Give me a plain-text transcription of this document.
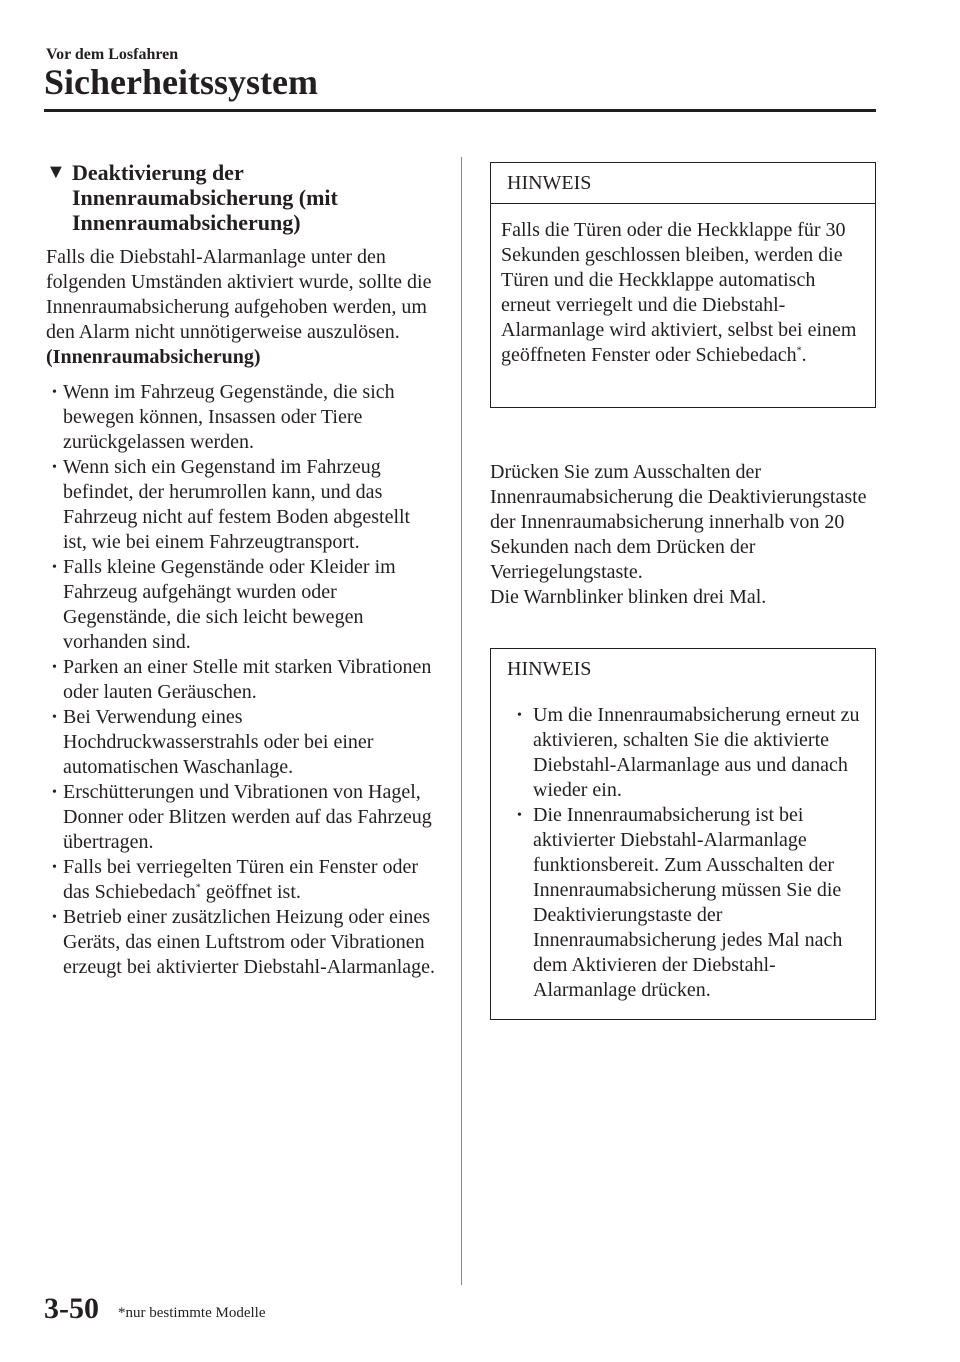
Vor dem Losfahren
Sicherheitssystem
▼ Deaktivierung der Innenraumabsicherung (mit Innenraumabsicherung)

Falls die Diebstahl-Alarmanlage unter den folgenden Umständen aktiviert wurde, sollte die Innenraumabsicherung aufgehoben werden, um den Alarm nicht unnötigerweise auszulösen.

(Innenraumabsicherung)
• Wenn im Fahrzeug Gegenstände, die sich bewegen können, Insassen oder Tiere zurückgelassen werden.
• Wenn sich ein Gegenstand im Fahrzeug befindet, der herumrollen kann, und das Fahrzeug nicht auf festem Boden abgestellt ist, wie bei einem Fahrzeugtransport.
• Falls kleine Gegenstände oder Kleider im Fahrzeug aufgehängt wurden oder Gegenstände, die sich leicht bewegen vorhanden sind.
• Parken an einer Stelle mit starken Vibrationen oder lauten Geräuschen.
• Bei Verwendung eines Hochdruckwasserstrahls oder bei einer automatischen Waschanlage.
• Erschütterungen und Vibrationen von Hagel, Donner oder Blitzen werden auf das Fahrzeug übertragen.
• Falls bei verriegelten Türen ein Fenster oder das Schiebedach* geöffnet ist.
• Betrieb einer zusätzlichen Heizung oder eines Geräts, das einen Luftstrom oder Vibrationen erzeugt bei aktivierter Diebstahl-Alarmanlage.
HINWEIS
Falls die Türen oder die Heckklappe für 30 Sekunden geschlossen bleiben, werden die Türen und die Heckklappe automatisch erneut verriegelt und die Diebstahl-Alarmanlage wird aktiviert, selbst bei einem geöffneten Fenster oder Schiebedach*.
Drücken Sie zum Ausschalten der Innenraumabsicherung die Deaktivierungstaste der Innenraumabsicherung innerhalb von 20 Sekunden nach dem Drücken der Verriegelungstaste.
Die Warnblinker blinken drei Mal.
HINWEIS
• Um die Innenraumabsicherung erneut zu aktivieren, schalten Sie die aktivierte Diebstahl-Alarmanlage aus und danach wieder ein.
• Die Innenraumabsicherung ist bei aktivierter Diebstahl-Alarmanlage funktionsbereit. Zum Ausschalten der Innenraumabsicherung müssen Sie die Deaktivierungstaste der Innenraumabsicherung jedes Mal nach dem Aktivieren der Diebstahl-Alarmanlage drücken.
3-50 *nur bestimmte Modelle
